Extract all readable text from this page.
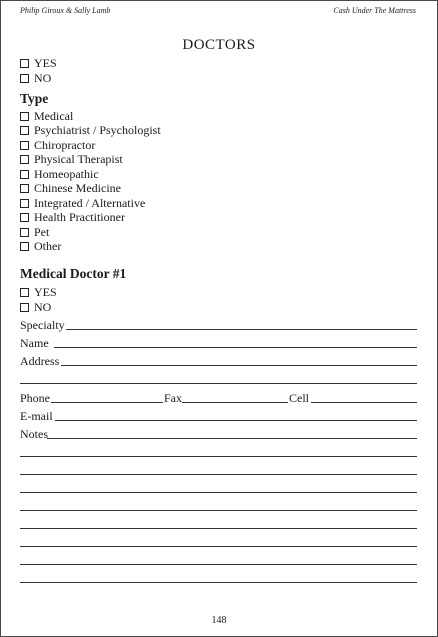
Philip Giroux & Sally Lamb	Cash Under The Mattress
DOCTORS
YES
NO
Type
Medical
Psychiatrist / Psychologist
Chiropractor
Physical Therapist
Homeopathic
Chinese Medicine
Integrated / Alternative
Health Practitioner
Pet
Other
Medical Doctor #1
YES
NO
Specialty
Name
Address
Phone	Fax	Cell
E-mail
Notes
148
